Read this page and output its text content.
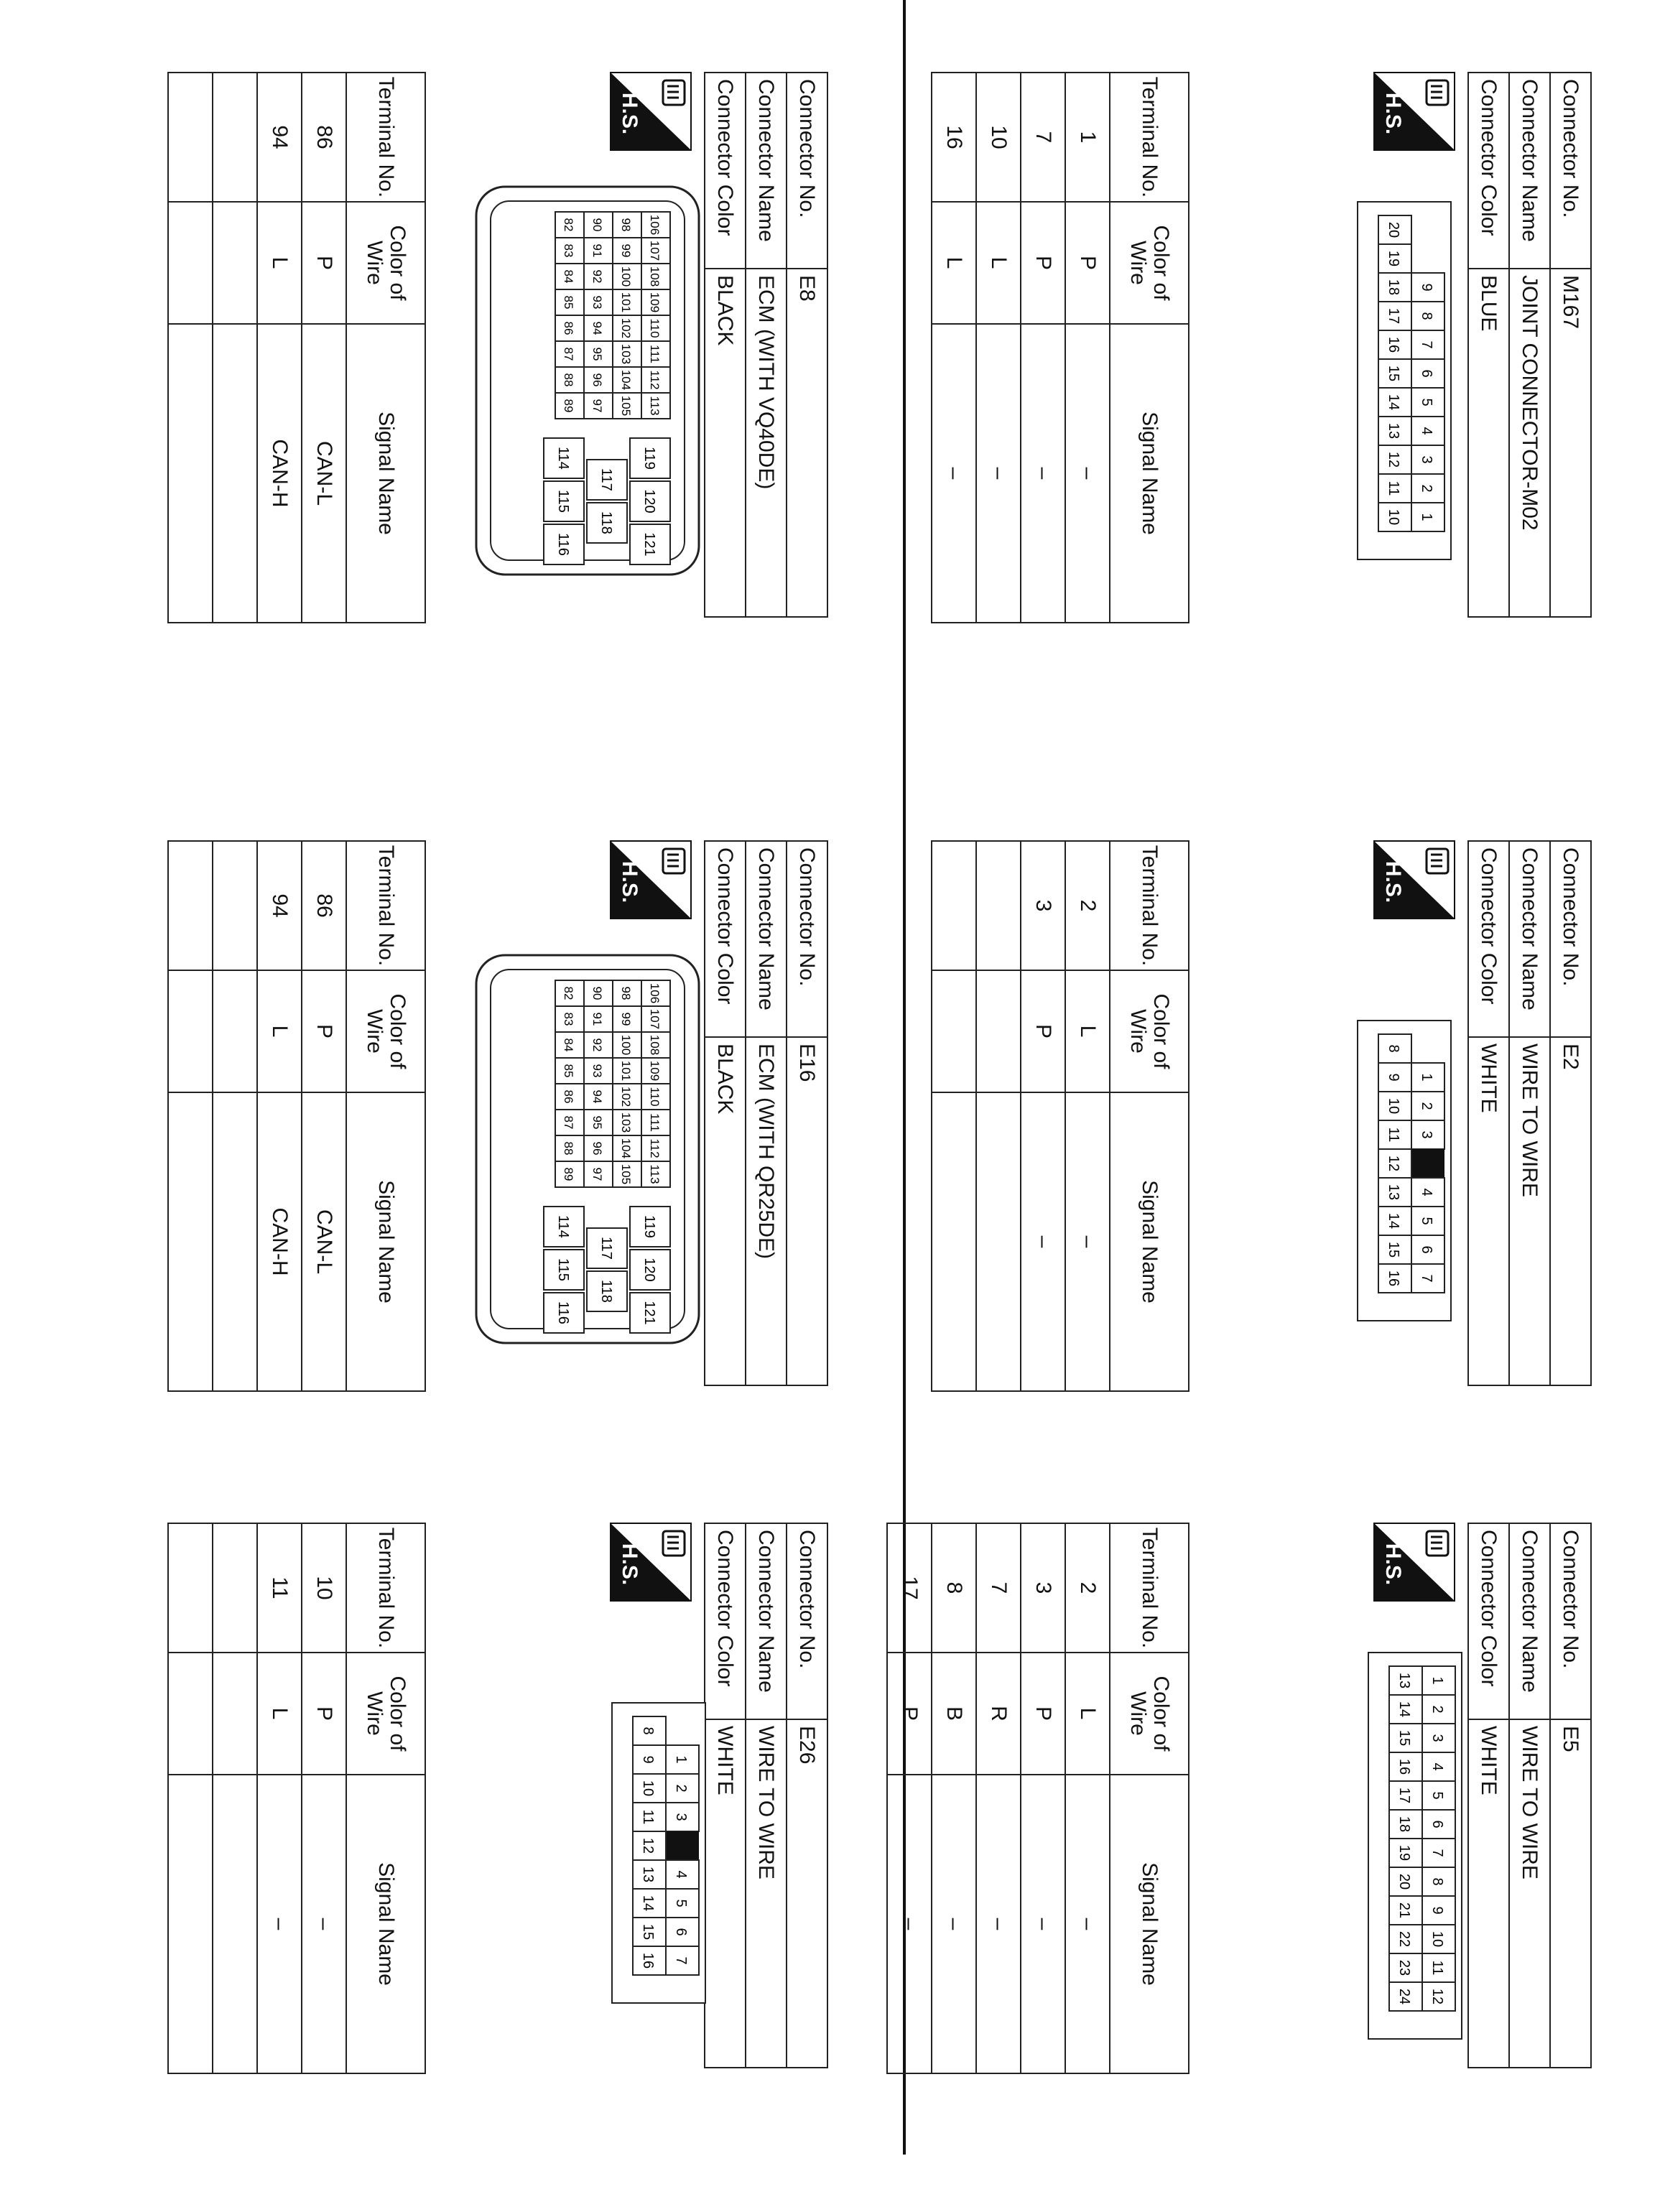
Connector No.	M167
Connector Name	JOINT CONNECTOR-M02
Connector Color	BLUE
H.S.
9
8
7
6
5
4
3
2
1
20
19
18
17
16
15
14
13
12
11
10
Terminal No.	Color of Wire	Signal Name
1	P	–
7	P	–
10	L	–
16	L	–
Connector No.	E2
Connector Name	WIRE TO WIRE
Connector Color	WHITE
H.S.
1
2
3
4
5
6
7
8
9
10
11
12
13
14
15
16
Terminal No.	Color of Wire	Signal Name
2	L	–
3	P	–

Connector No.	E5
Connector Name	WIRE TO WIRE
Connector Color	WHITE
H.S.
1
2
3
4
5
6
7
8
9
10
11
12
13
14
15
16
17
18
19
20
21
22
23
24
Terminal No.	Color of Wire	Signal Name
2	L	–
3	P	–
7	R	–
8	B	–
17	P	–
Connector No.	E8
Connector Name	ECM (WITH VQ40DE)
Connector Color	BLACK
H.S.
106
107
108
109
110
111
112
113
98
99
100
101
102
103
104
105
90
91
92
93
94
95
96
97
82
83
84
85
86
87
88
89
119
120
121
117
118
114
115
116
Terminal No.	Color of Wire	Signal Name
86	P	CAN-L
94	L	CAN-H

Connector No.	E16
Connector Name	ECM (WITH QR25DE)
Connector Color	BLACK
H.S.
106
107
108
109
110
111
112
113
98
99
100
101
102
103
104
105
90
91
92
93
94
95
96
97
82
83
84
85
86
87
88
89
119
120
121
117
118
114
115
116
Terminal No.	Color of Wire	Signal Name
86	P	CAN-L
94	L	CAN-H

Connector No.	E26
Connector Name	WIRE TO WIRE
Connector Color	WHITE
H.S.
1
2
3
4
5
6
7
8
9
10
11
12
13
14
15
16
Terminal No.	Color of Wire	Signal Name
10	P	–
11	L	–
